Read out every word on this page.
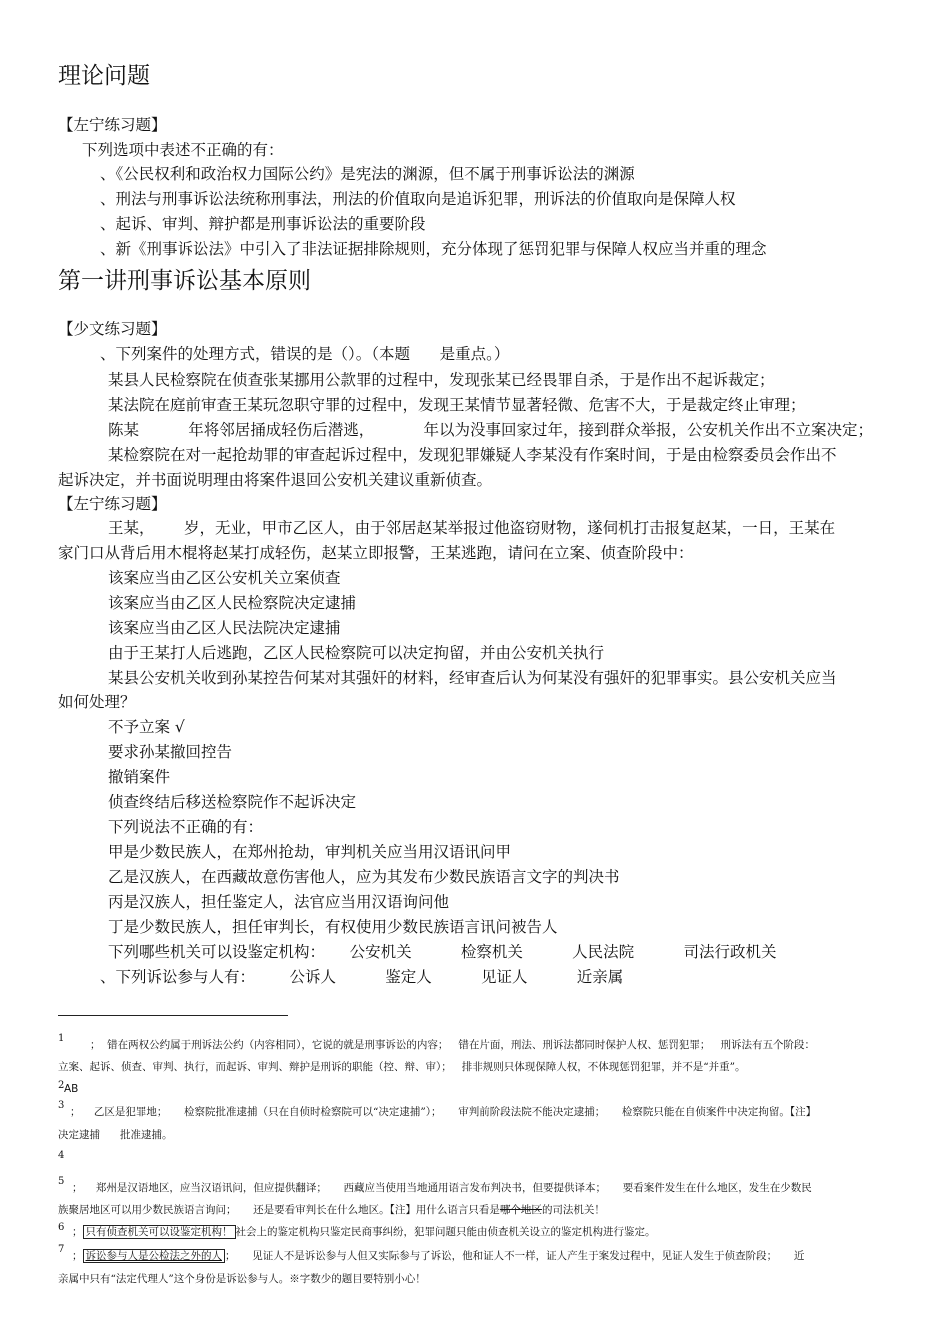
理论问题
【左宁练习题】
下列选项中表述不正确的有：
、《公民权利和政治权力国际公约》是宪法的渊源，但不属于刑事诉讼法的渊源
、刑法与刑事诉讼法统称刑事法，刑法的价值取向是追诉犯罪，刑诉法的价值取向是保障人权
、起诉、审判、辩护都是刑事诉讼法的重要阶段
、新《刑事诉讼法》中引入了非法证据排除规则，充分体现了惩罚犯罪与保障人权应当并重的理念
第一讲刑事诉讼基本原则
【少文练习题】
、下列案件的处理方式，错误的是（）。（本题      是重点。）
某县人民检察院在侦查张某挪用公款罪的过程中，发现张某已经畏罪自杀，于是作出不起诉裁定；
某法院在庭前审查王某玩忽职守罪的过程中，发现王某情节显著轻微、危害不大，于是裁定终止审理；
陈某          年将邻居捅成轻伤后潜逃，          年以为没事回家过年，接到群众举报，公安机关作出不立案决定；
某检察院在对一起抢劫罪的审查起诉过程中，发现犯罪嫌疑人李某没有作案时间，于是由检察委员会作出不
起诉决定，并书面说明理由将案件退回公安机关建议重新侦查。
【左宁练习题】
王某，      岁，无业，甲市乙区人，由于邻居赵某举报过他盗窃财物，遂伺机打击报复赵某，一日，王某在
家门口从背后用木棍将赵某打成轻伤，赵某立即报警，王某逃跑，请问在立案、侦查阶段中：
该案应当由乙区公安机关立案侦查
该案应当由乙区人民检察院决定逮捕
该案应当由乙区人民法院决定逮捕
由于王某打人后逃跑，乙区人民检察院可以决定拘留，并由公安机关执行
某县公安机关收到孙某控告何某对其强奸的材料，经审查后认为何某没有强奸的犯罪事实。县公安机关应当
如何处理？
不予立案 √
要求孙某撤回控告
撤销案件
侦查终结后移送检察院作不起诉决定
下列说法不正确的有：
甲是少数民族人，在郑州抢劫，审判机关应当用汉语讯问甲
乙是汉族人，在西藏故意伤害他人，应为其发布少数民族语言文字的判决书
丙是汉族人，担任鉴定人，法官应当用汉语询问他
丁是少数民族人，担任审判长，有权使用少数民族语言讯问被告人
下列哪些机关可以设鉴定机构：     公安机关          检察机关          人民法院          司法行政机关
、下列诉讼参与人有：       公诉人          鉴定人          见证人          近亲属
1
；  错在两权公约属于刑诉法公约（内容相同），它说的就是刑事诉讼的内容；   错在片面，刑法、刑诉法都同时保护人权、惩罚犯罪；   刑诉法有五个阶段：
立案、起诉、侦查、审判、执行，而起诉、审判、辩护是刑诉的职能（控、辩、审）；   排非规则只体现保障人权，不体现惩罚犯罪，并不是“并重”。
2 AB
3
；    乙区是犯罪地；     检察院批准逮捕（只在自侦时检察院可以“决定逮捕”）；     审判前阶段法院不能决定逮捕；     检察院只能在自侦案件中决定拘留。【注】
决定逮捕      批准逮捕。
4
5
；    郑州是汉语地区，应当汉语讯问，但应提供翻译；     西藏应当使用当地通用语言发布判决书，但要提供译本；     要看案件发生在什么地区，发生在少数民
族聚居地区可以用少数民族语言询问；     还是要看审判长在什么地区。【注】用什么语言只看是哪个地区的司法机关！
6 ； 只有侦查机关可以设鉴定机构！ 社会上的鉴定机构只鉴定民商事纠纷，犯罪问题只能由侦查机关设立的鉴定机构进行鉴定。
7
； 诉讼参与人是公检法之外的人 ；     见证人不是诉讼参与人但又实际参与了诉讼，他和证人不一样，证人产生于案发过程中，见证人发生于侦查阶段；     近
亲属中只有“法定代理人”这个身份是诉讼参与人。※字数少的题目要特别小心！
